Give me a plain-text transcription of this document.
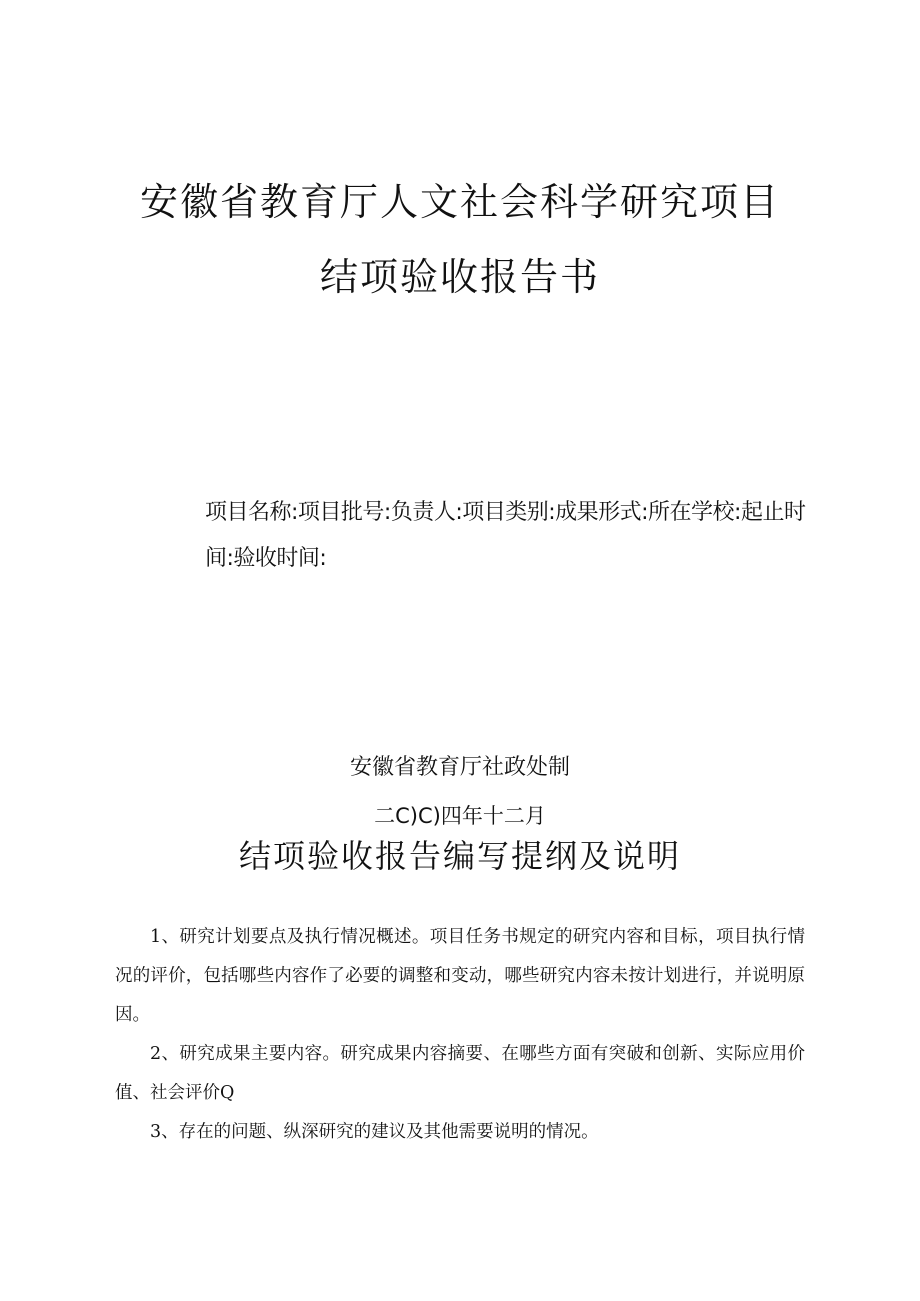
安徽省教育厅人文社会科学研究项目
结项验收报告书
项目名称:项目批号:负责人:项目类别:成果形式:所在学校:起止时间:验收时间:
安徽省教育厅社政处制
二C)C)四年十二月
结项验收报告编写提纲及说明

1、研究计划要点及执行情况概述。项目任务书规定的研究内容和目标，项目执行情况的评价，包括哪些内容作了必要的调整和变动，哪些研究内容未按计划进行，并说明原因。

2、研究成果主要内容。研究成果内容摘要、在哪些方面有突破和创新、实际应用价值、社会评价Q

3、存在的问题、纵深研究的建议及其他需要说明的情况。
